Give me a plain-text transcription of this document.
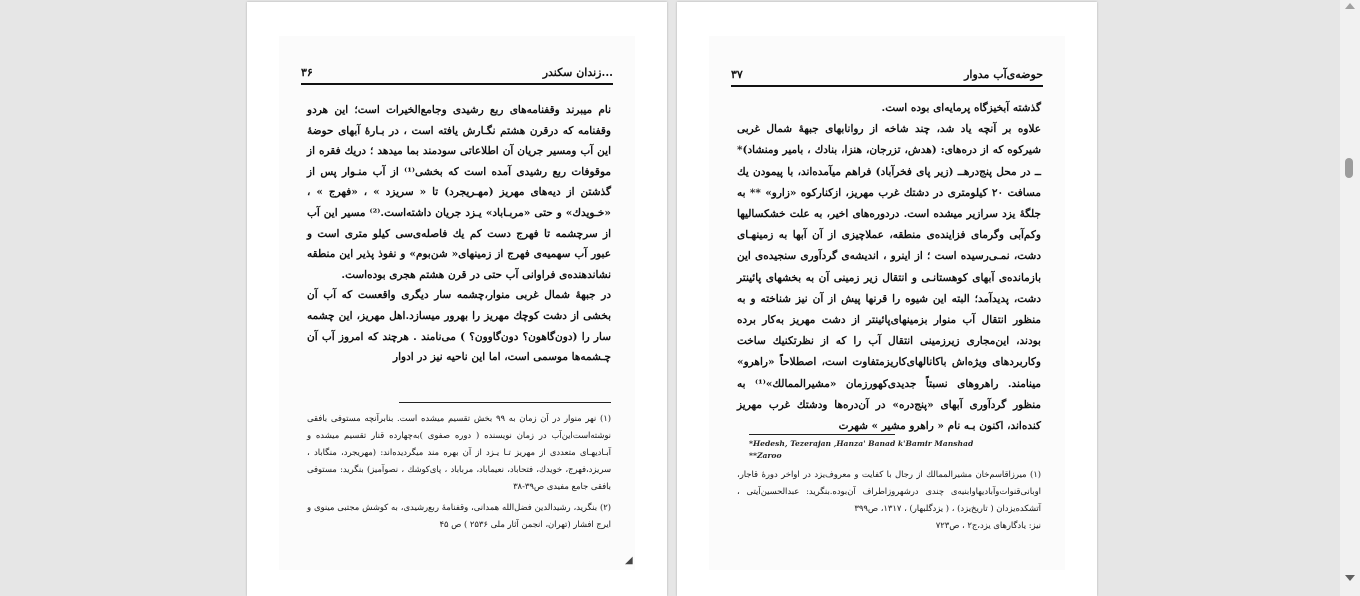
۳۶	زندان سکندر...

نام میبرند وقفنامه‌های ربع رشیدی وجامع‌الخیرات است؛ این هردو وقفنامه که درقرن هشتم نگـارش یافته است ، در بـارهٔ آبهای حوضهٔ این آب ومسیر جریان آن اطلاعاتی سودمند بما میدهد ؛ دریك فقره از موقوفات ربع رشیدی آمده است که بخشی⁽¹⁾ از آب منـوار پس از گذشتن از دیه‌های مهریز (مهـریجرد) تا « سریزد » ، «فهرج » ، «خـویدك» و حتی «مربـاباد» یـزد جریان داشته‌است.⁽²⁾ مسیر این آب از سرچشمه تا فهرج دست کم یك فاصله‌ی‌سی کیلو متری است و عبور آب سهمیه‌ی فهرج از زمینهای« شن‌بوم» و نفوذ پذیر این منطقه نشاندهنده‌ی فراوانی آب حتی در قرن هشتم هجری بوده‌است.

در جبههٔ شمال غربی منوار،چشمه سار دیگری واقعست که آب آن بخشی از دشت کوچك مهریز را بهرور میسازد.اهل مهریز، این چشمه سار را (دون‌گاهون؟ دون‌گاوون؟ ) می‌نامند . هرچند که امروز آب آن چـشمه‌ها موسمی است، اما این ناحیه نیز در ادوار

(۱) نهر منوار در آن زمان به ۹۹ بخش تقسیم میشده است. بنابرآنچه مستوفی بافقی نوشته‌است‌این‌آب در زمان نویسنده ( دوره صفوی )به‌چهارده قنار تقسیم میشده و آبـادیهـای متعددی از مهریز تـا یـزد از آن بهره مند میگردیده‌اند: (مهریجرد، منگاباد ، سریزد،فهرج، خویدك، فتحاباد، نعیماباد، مرباباد ، پای‌کوشك ، نصوآمیز) بنگرید: مستوفی بافقی جامع مفیدی ص۳۹-۳۸

(۲) بنگرید، رشیدالدین فضل‌الله همدانی، وقفنامهٔ ربع‌رشیدی، به کوشش مجتبی مینوی و ایرج افشار (تهران، انجمن آثار ملی ۲۵۳۶ ) ص ۴۵

◢
۳۷	حوضه‌ی‌آب مدوار

گذشته آبخیزگاه پرمایه‌ای بوده است.

علاوه بر آنچه یاد شد، چند شاخه از روانابهای جبههٔ شمال غربی شیرکوه که از دره‌های: (هدش، تزرجان، هنزا، بنادك ، بامیر ومنشاد)* ــ در محل پنج‌درهــ (زیر پای فخرآباد) فراهم میآمده‌اند، با پیمودن یك مسافت ۲۰ کیلومتری در دشتك غرب مهریز، ازکنارکوه «زارو» ** به جلگهٔ یزد سرازیر میشده است. دردوره‌های اخیر، به علت خشکسالیها وکم‌آبی وگرمای فزاینده‌ی منطقه، عملاچیزی از آن آبها به زمینهـای دشت، نمـی‌رسیده است ؛ از اینرو ، اندیشه‌ی گردآوری سنجیده‌ی این بازمانده‌ی آبهای کوهستانـی و انتقال زیر زمینی آن به بخشهای پائینتر دشت، پدیدآمد؛ البته این شیوه را قرنها پیش از آن نیز شناخته و به منظور انتقال آب منوار بزمینهای‌پائینتر از دشت مهریز به‌کار برده بودند، این‌مجاری زیرزمینی انتقال آب را که از نظرتکنیك ساخت وکاربردهای ویژه‌اش باکانالهای‌کاریزمتفاوت است، اصطلاحاً «راهرو» مینامند. راهروهای نسبتاً جدیدی‌کهورزمان «مشیرالممالك»⁽¹⁾ به منظور گردآوری آبهای «پنج‌دره» در آن‌دره‌ها ودشتك غرب مهریز کنده‌اند، اکنون بـه نام « راهرو مشیر » شهرت

*Hedesh, Tezerajan ,Hanza' Banad k'Bamir Manshad
**Zaroo

(۱) میرزاقاسم‌خان مشیرالممالك از رجال با کفایت و معروف‌یزد در اواخر دورهٔ قاجار، اوبانی‌قنوات‌وآباد‌یهاوابنیه‌ی چندی درشهروزاطراف آن‌بوده.بنگرید: عبدالحسین‌آیتی ، آتشکده‌یزدان ( تاریخ‌یزد) ، ( یزدگلبهار) ، ۱۳۱۷، ص۳۹۹

نیز: یادگارهای یزد،ج۲ ، ص۷۲۳
